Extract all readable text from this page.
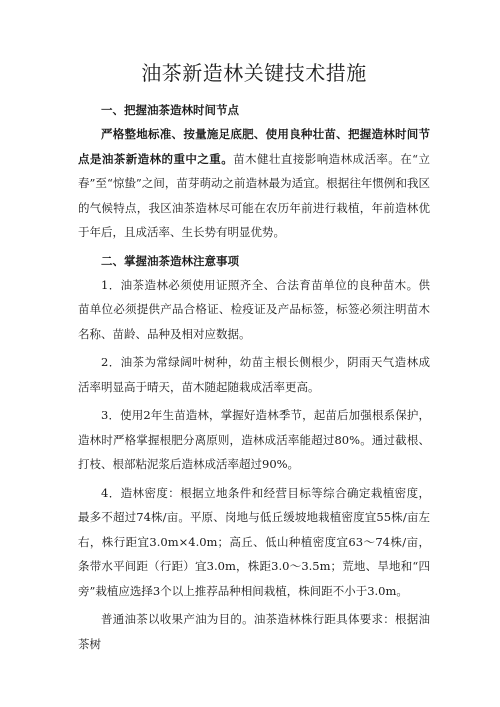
油茶新造林关键技术措施

一、把握油茶造林时间节点

严格整地标准、按量施足底肥、使用良种壮苗、把握造林时间节点是油茶新造林的重中之重。苗木健壮直接影响造林成活率。在“立春”至“惊蛰”之间，苗芽萌动之前造林最为适宜。根据往年惯例和我区的气候特点，我区油茶造林尽可能在农历年前进行栽植，年前造林优于年后，且成活率、生长势有明显优势。

二、掌握油茶造林注意事项

1．油茶造林必须使用证照齐全、合法育苗单位的良种苗木。供苗单位必须提供产品合格证、检疫证及产品标签，标签必须注明苗木名称、苗龄、品种及相对应数据。

2．油茶为常绿阔叶树种，幼苗主根长侧根少，阴雨天气造林成活率明显高于晴天，苗木随起随栽成活率更高。

3．使用2年生苗造林，掌握好造林季节，起苗后加强根系保护，造林时严格掌握根肥分离原则，造林成活率能超过80%。通过截根、打枝、根部粘泥浆后造林成活率超过90%。

4．造林密度：根据立地条件和经营目标等综合确定栽植密度，最多不超过74株/亩。平原、岗地与低丘缓坡地栽植密度宜55株/亩左右，株行距宜3.0m×4.0m；高丘、低山种植密度宜63～74株/亩，条带水平间距（行距）宜3.0m，株距3.0～3.5m；荒地、旱地和“四旁”栽植应选择3个以上推荐品种相间栽植，株间距不小于3.0m。

普通油茶以收果产油为目的。油茶造林株行距具体要求：根据油茶树
